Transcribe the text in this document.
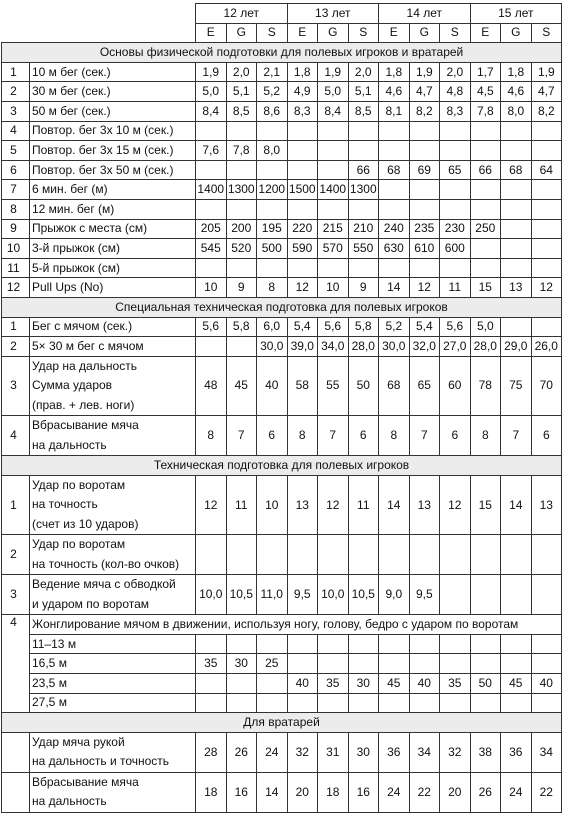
		12 лет			13 лет			14 лет			15 лет		
		E	G	S	E	G	S	E	G	S	E	G	S
Основы физической подготовки для полевых игроков и вратарей													
1	10 м бег (сек.)	1,9	2,0	2,1	1,8	1,9	2,0	1,8	1,9	2,0	1,7	1,8	1,9
2	30 м бег (сек.)	5,0	5,1	5,2	4,9	5,0	5,1	4,6	4,7	4,8	4,5	4,6	4,7
3	50 м бег (сек.)	8,4	8,5	8,6	8,3	8,4	8,5	8,1	8,2	8,3	7,8	8,0	8,2
4	Повтор. бег 3х 10 м (сек.)												

5	Повтор. бег 3х 15 м (сек.)	7,6	7,8	8,0									
6	Повтор. бег 3х 50 м (сек.)						66	68	69	65	66	68	64
7	6 мин. бег (м)	1400	1300	1200	1500	1400	1300						
8	12 мин. бег (м)												

9	Прыжок с места (см)	205	200	195	220	215	210	240	235	230	250		
10	3-й прыжок (см)	545	520	500	590	570	550	630	610	600			
11	5-й прыжок (см)												

12	Pull Ups (No)	10	9	8	12	10	9	14	12	11	15	13	12
Специальная техническая подготовка для полевых игроков													
1	Бег с мячом (сек.)	5,6	5,8	6,0	5,4	5,6	5,8	5,2	5,4	5,6	5,0		
2	5× 30 м бег с мячом			30,0	39,0	34,0	28,0	30,0	32,0	27,0	28,0	29,0	26,0
3	Удар на дальность
Сумма ударов
(прав. + лев. ноги)	48	45	40	58	55	50	68	65	60	78	75	70
4	Вбрасывание мяча
на дальность	8	7	6	8	7	6	8	7	6	8	7	6
Техническая подготовка для полевых игроков													
1	Удар по воротам
на точность
(счет из 10 ударов)	12	11	10	13	12	11	14	13	12	15	14	13
2	Удар по воротам
на точность (кол-во очков)												

3	Ведение мяча с обводкой
и ударом по воротам	10,0	10,5	11,0	9,5	10,0	10,5	9,0	9,5				
4	Жонглирование мячом в движении, используя ногу, голову, бедро с ударом по воротам												
	11–13 м												
	16,5 м	35	30	25									
	23,5 м				40	35	30	45	40	35	50	45	40
	27,5 м												
Для вратарей													

	Удар мяча рукой
на дальность и точность	28	26	24	32	31	30	36	34	32	38	36	34

	Вбрасывание мяча
на дальность	18	16	14	20	18	16	24	22	20	26	24	22
